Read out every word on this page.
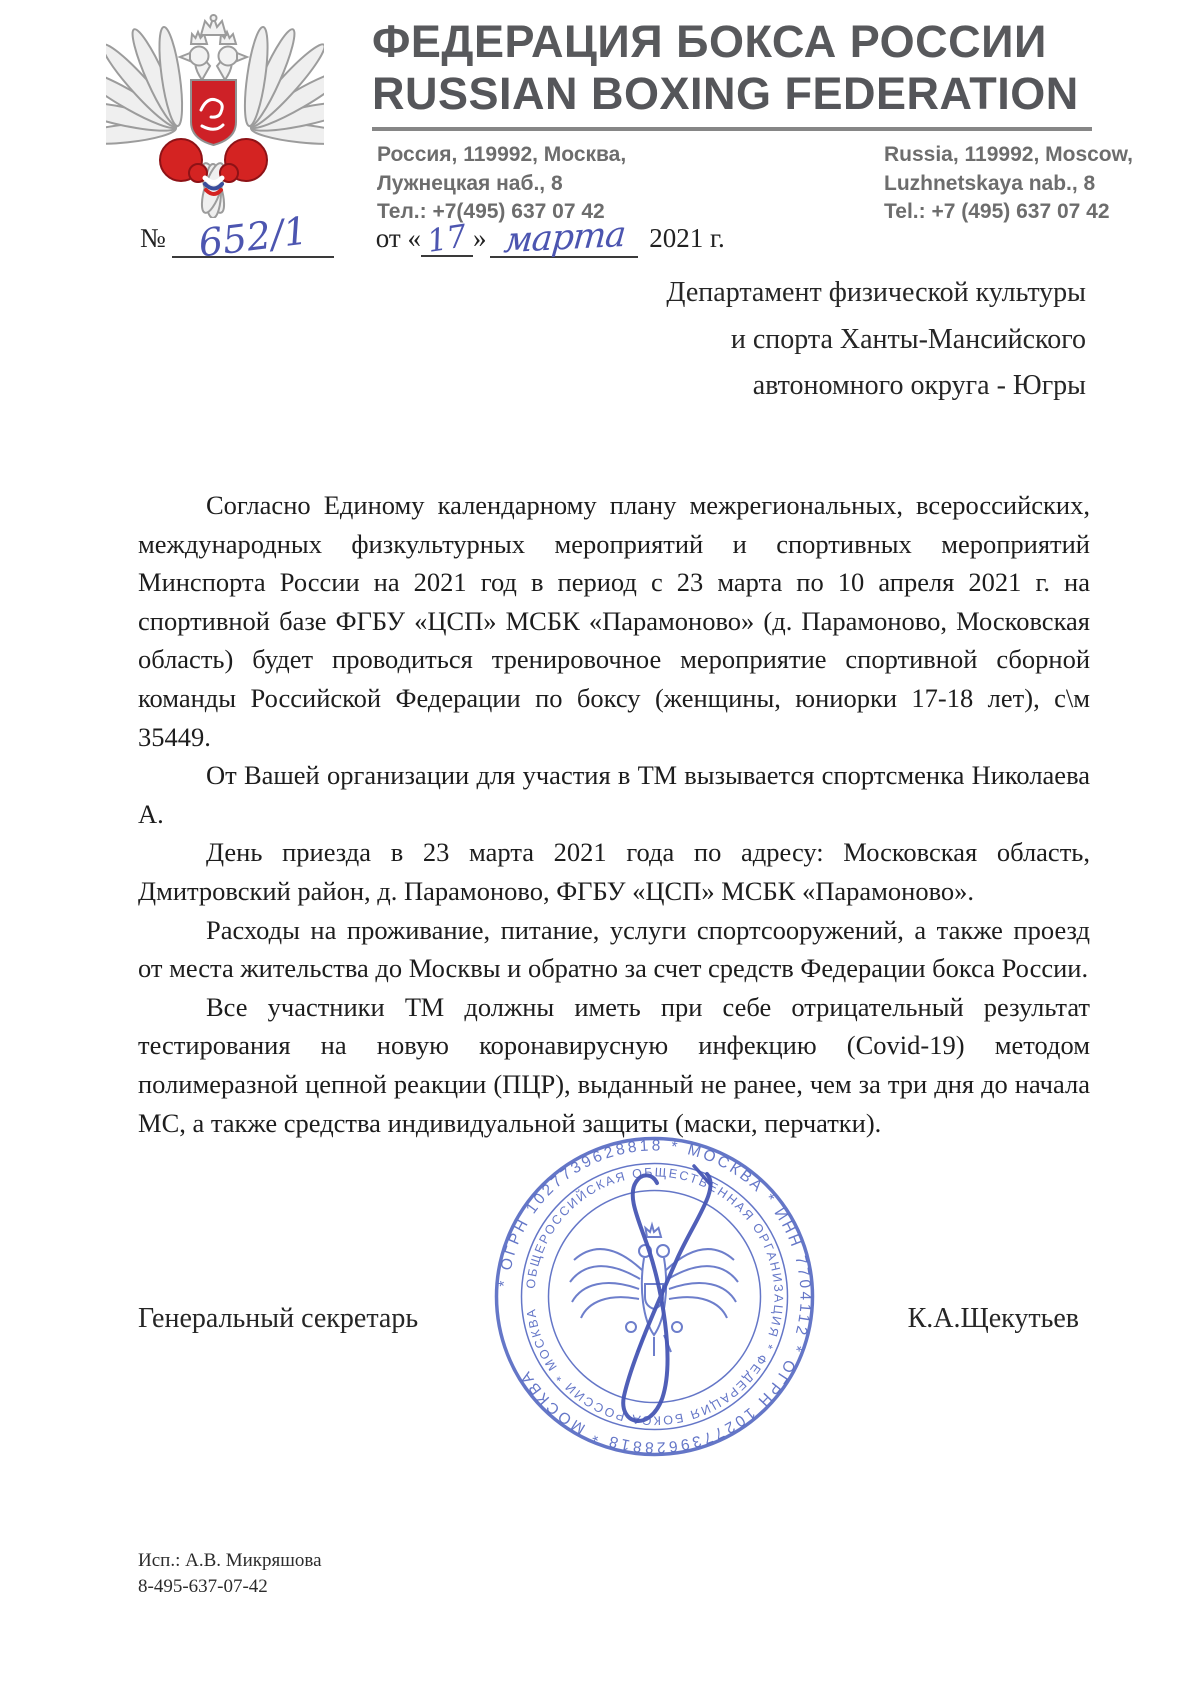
ФЕДЕРАЦИЯ БОКСА РОССИИ
RUSSIAN BOXING FEDERATION
Россия, 119992, Москва,
Лужнецкая наб., 8
Тел.: +7(495) 637 07 42
Russia, 119992, Moscow,
Luzhnetskaya nab., 8
Tel.: +7 (495) 637 07 42
№ 652/1 от « 17 » марта 2021 г.
Департамент физической культуры
и спорта Ханты-Мансийского
автономного округа - Югры

Согласно Единому календарному плану межрегиональных, всероссийских, международных физкультурных мероприятий и спортивных мероприятий Минспорта России на 2021 год в период с 23 марта по 10 апреля 2021 г. на спортивной базе ФГБУ «ЦСП» МСБК «Парамоново» (д. Парамоново, Московская область) будет проводиться тренировочное мероприятие спортивной сборной команды Российской Федерации по боксу (женщины, юниорки 17-18 лет), с\м 35449.

От Вашей организации для участия в ТМ вызывается спортсменка Николаева А.

День приезда в 23 марта 2021 года по адресу: Московская область, Дмитровский район, д. Парамоново, ФГБУ «ЦСП» МСБК «Парамоново».

Расходы на проживание, питание, услуги спортсооружений, а также проезд от места жительства до Москвы и обратно за счет средств Федерации бокса России.

Все участники ТМ должны иметь при себе отрицательный результат тестирования на новую коронавирусную инфекцию (Covid-19) методом полимеразной цепной реакции (ПЦР), выданный не ранее, чем за три дня до начала МС, а также средства индивидуальной защиты (маски, перчатки).

Генеральный секретарь	К.А.Щекутьев
* ОГРН 1027739628818 * МОСКВА * ИНН 7704112 * ОГРН 1027739628818 * МОСКВА
ОБЩЕРОССИЙСКАЯ ОБЩЕСТВЕННАЯ ОРГАНИЗАЦИЯ * ФЕДЕРАЦИЯ БОКСА РОССИИ * МОСКВА
Исп.: А.В. Микряшова
8-495-637-07-42
